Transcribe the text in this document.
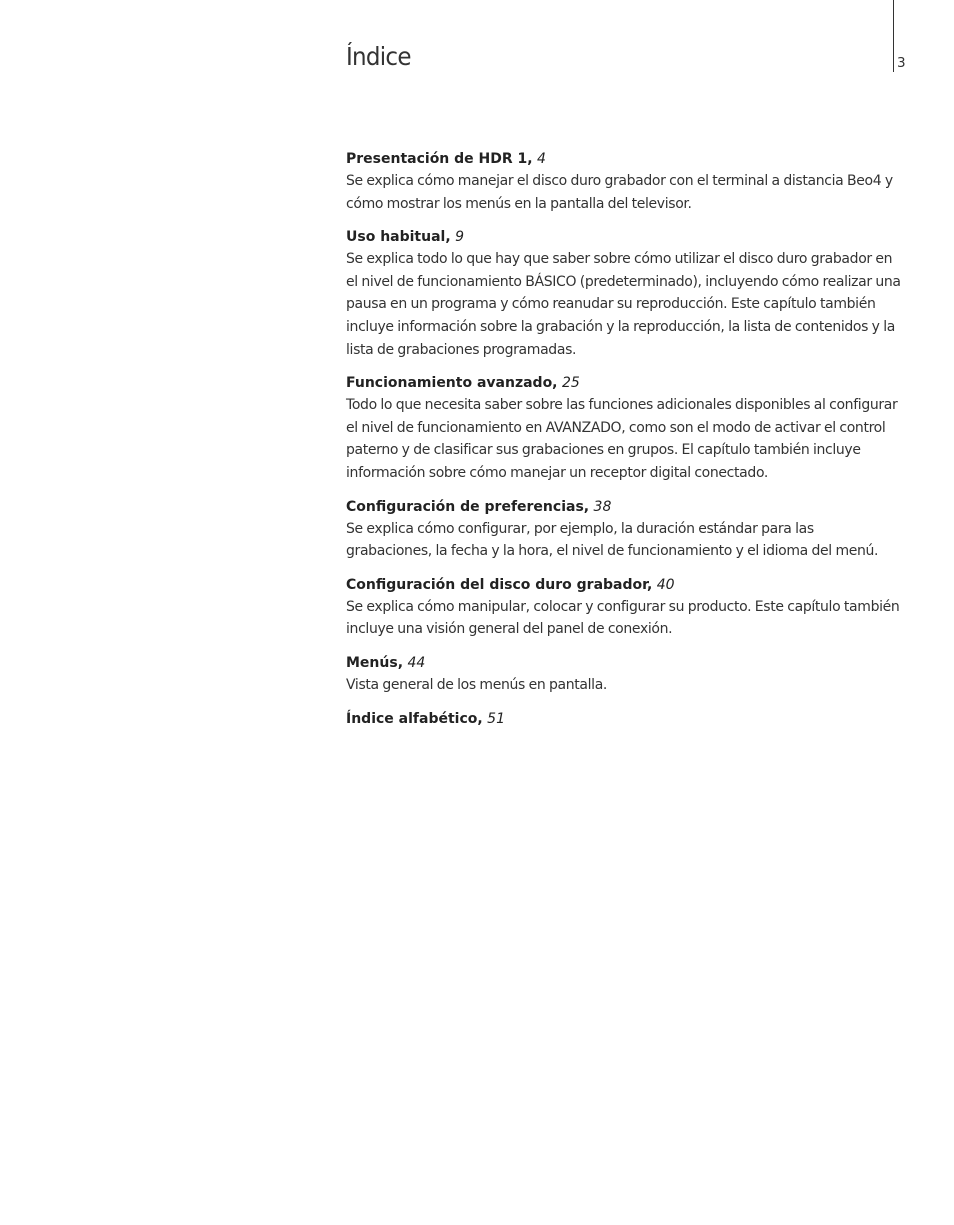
Índice	3
Presentación de HDR 1, 4
Se explica cómo manejar el disco duro grabador con el terminal a distancia Beo4 y cómo mostrar los menús en la pantalla del televisor.
Uso habitual, 9
Se explica todo lo que hay que saber sobre cómo utilizar el disco duro grabador en el nivel de funcionamiento BÁSICO (predeterminado), incluyendo cómo realizar una pausa en un programa y cómo reanudar su reproducción. Este capítulo también incluye información sobre la grabación y la reproducción, la lista de contenidos y la lista de grabaciones programadas.
Funcionamiento avanzado, 25
Todo lo que necesita saber sobre las funciones adicionales disponibles al configurar el nivel de funcionamiento en AVANZADO, como son el modo de activar el control paterno y de clasificar sus grabaciones en grupos. El capítulo también incluye información sobre cómo manejar un receptor digital conectado.
Configuración de preferencias, 38
Se explica cómo configurar, por ejemplo, la duración estándar para las grabaciones, la fecha y la hora, el nivel de funcionamiento y el idioma del menú.
Configuración del disco duro grabador, 40
Se explica cómo manipular, colocar y configurar su producto. Este capítulo también incluye una visión general del panel de conexión.
Menús, 44
Vista general de los menús en pantalla.
Índice alfabético, 51
